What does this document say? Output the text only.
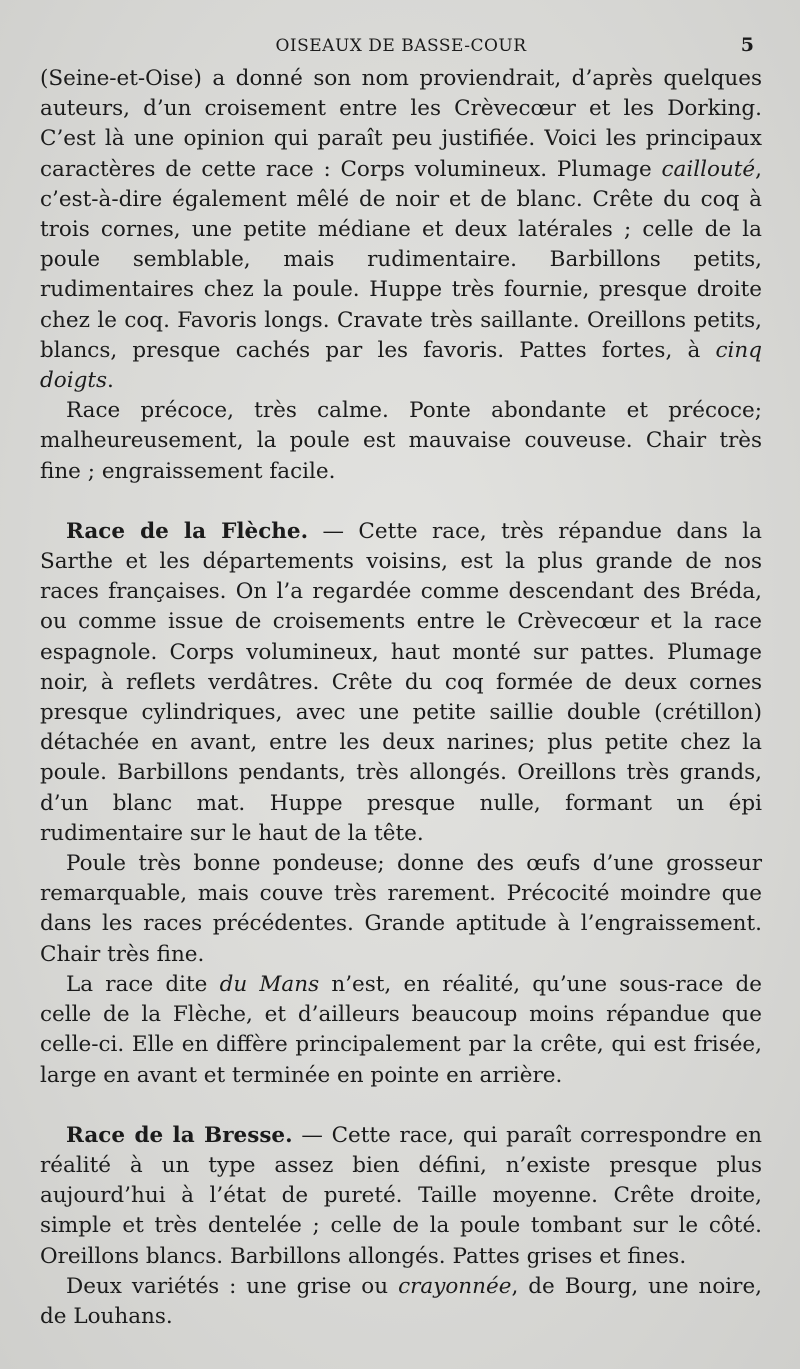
OISEAUX DE BASSE-COUR	5

(Seine-et-Oise) a donné son nom proviendrait, d’après quelques auteurs, d’un croisement entre les Crèvecœur et les Dorking. C’est là une opinion qui paraît peu justifiée. Voici les principaux caractères de cette race : Corps volumineux. Plumage caillouté, c’est-à-dire également mêlé de noir et de blanc. Crête du coq à trois cornes, une petite médiane et deux latérales ; celle de la poule semblable, mais rudimentaire. Barbillons petits, rudimentaires chez la poule. Huppe très fournie, presque droite chez le coq. Favoris longs. Cravate très saillante. Oreillons petits, blancs, presque cachés par les favoris. Pattes fortes, à cinq doigts.

Race précoce, très calme. Ponte abondante et précoce; malheureusement, la poule est mauvaise couveuse. Chair très fine ; engraissement facile.

Race de la Flèche. — Cette race, très répandue dans la Sarthe et les départements voisins, est la plus grande de nos races françaises. On l’a regardée comme descendant des Bréda, ou comme issue de croisements entre le Crèvecœur et la race espagnole. Corps volumineux, haut monté sur pattes. Plumage noir, à reflets verdâtres. Crête du coq formée de deux cornes presque cylindriques, avec une petite saillie double (crétillon) détachée en avant, entre les deux narines; plus petite chez la poule. Barbillons pendants, très allongés. Oreillons très grands, d’un blanc mat. Huppe presque nulle, formant un épi rudimentaire sur le haut de la tête.

Poule très bonne pondeuse; donne des œufs d’une grosseur remarquable, mais couve très rarement. Précocité moindre que dans les races précédentes. Grande aptitude à l’engraissement. Chair très fine.

La race dite du Mans n’est, en réalité, qu’une sous-race de celle de la Flèche, et d’ailleurs beaucoup moins répandue que celle-ci. Elle en diffère principalement par la crête, qui est frisée, large en avant et terminée en pointe en arrière.

Race de la Bresse. — Cette race, qui paraît correspondre en réalité à un type assez bien défini, n’existe presque plus aujourd’hui à l’état de pureté. Taille moyenne. Crête droite, simple et très dentelée ; celle de la poule tombant sur le côté. Oreillons blancs. Barbillons allongés. Pattes grises et fines.

Deux variétés : une grise ou crayonnée, de Bourg, une noire, de Louhans.
